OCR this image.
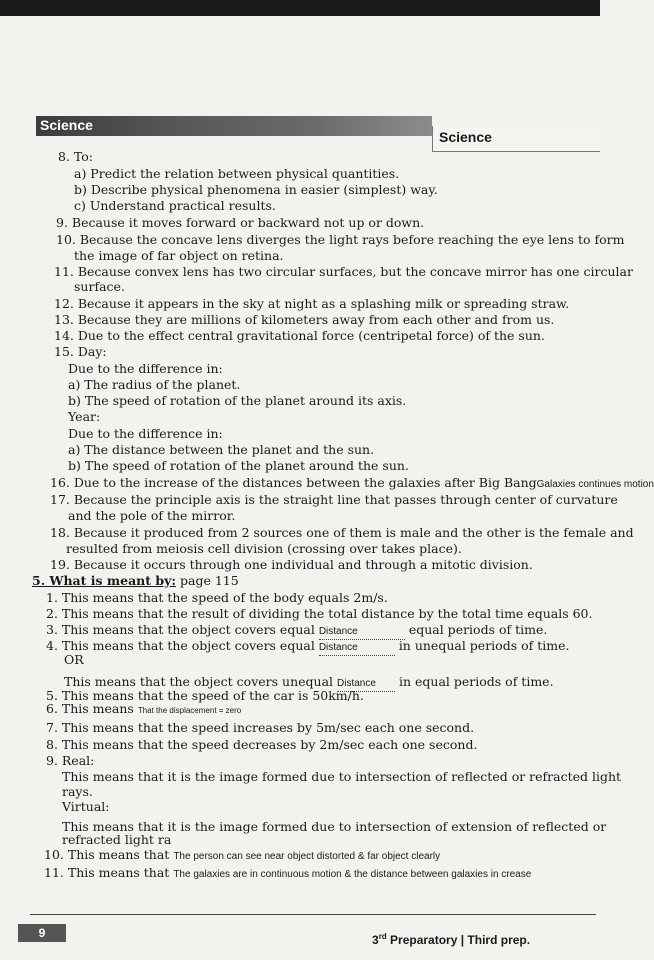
Science
Science
8. To:
a) Predict the relation between physical quantities.
b) Describe physical phenomena in easier (simplest) way.
c) Understand practical results.
9. Because it moves forward or backward not up or down.
10. Because the concave lens diverges the light rays before reaching the eye lens to form
the image of far object on retina.
11. Because convex lens has two circular surfaces, but the concave mirror has one circular
surface.
12. Because it appears in the sky at night as a splashing milk or spreading straw.
13. Because they are millions of kilometers away from each other and from us.
14. Due to the effect central gravitational force (centripetal force) of the sun.
15. Day:
Due to the difference in:
a) The radius of the planet.
b) The speed of rotation of the planet around its axis.
Year:
Due to the difference in:
a) The distance between the planet and the sun.
b) The speed of rotation of the planet around the sun.
16. Due to the increase of the distances between the galaxies after Big BangGalaxies continues motion
17. Because the principle axis is the straight line that passes through center of curvature
and the pole of the mirror.
18. Because it produced from 2 sources one of them is male and the other is the female and
resulted from meiosis cell division (crossing over takes place).
19. Because it occurs through one individual and through a mitotic division.
5. What is meant by: page 115
1. This means that the speed of the body equals 2m/s.
2. This means that the result of dividing the total distance by the total time equals 60.
3. This means that the object covers equal Distance	equal periods of time.
4. This means that the object covers equal Distance	in unequal periods of time.
OR
This means that the object covers unequal Distance in equal periods of time.
5. This means that the speed of the car is 50km/h.
6. This means That the displacement = zero
7. This means that the speed increases by 5m/sec each one second.
8. This means that the speed decreases by 2m/sec each one second.
9. Real:
This means that it is the image formed due to intersection of reflected or refracted light
rays.
Virtual:
This means that it is the image formed due to intersection of extension of reflected or
refracted light ra
10. This means that The person can see near object distorted & far object clearly
11. This means that The galaxies are in continuous motion & the distance between galaxies in crease
9	3rd Preparatory | Third prep.
